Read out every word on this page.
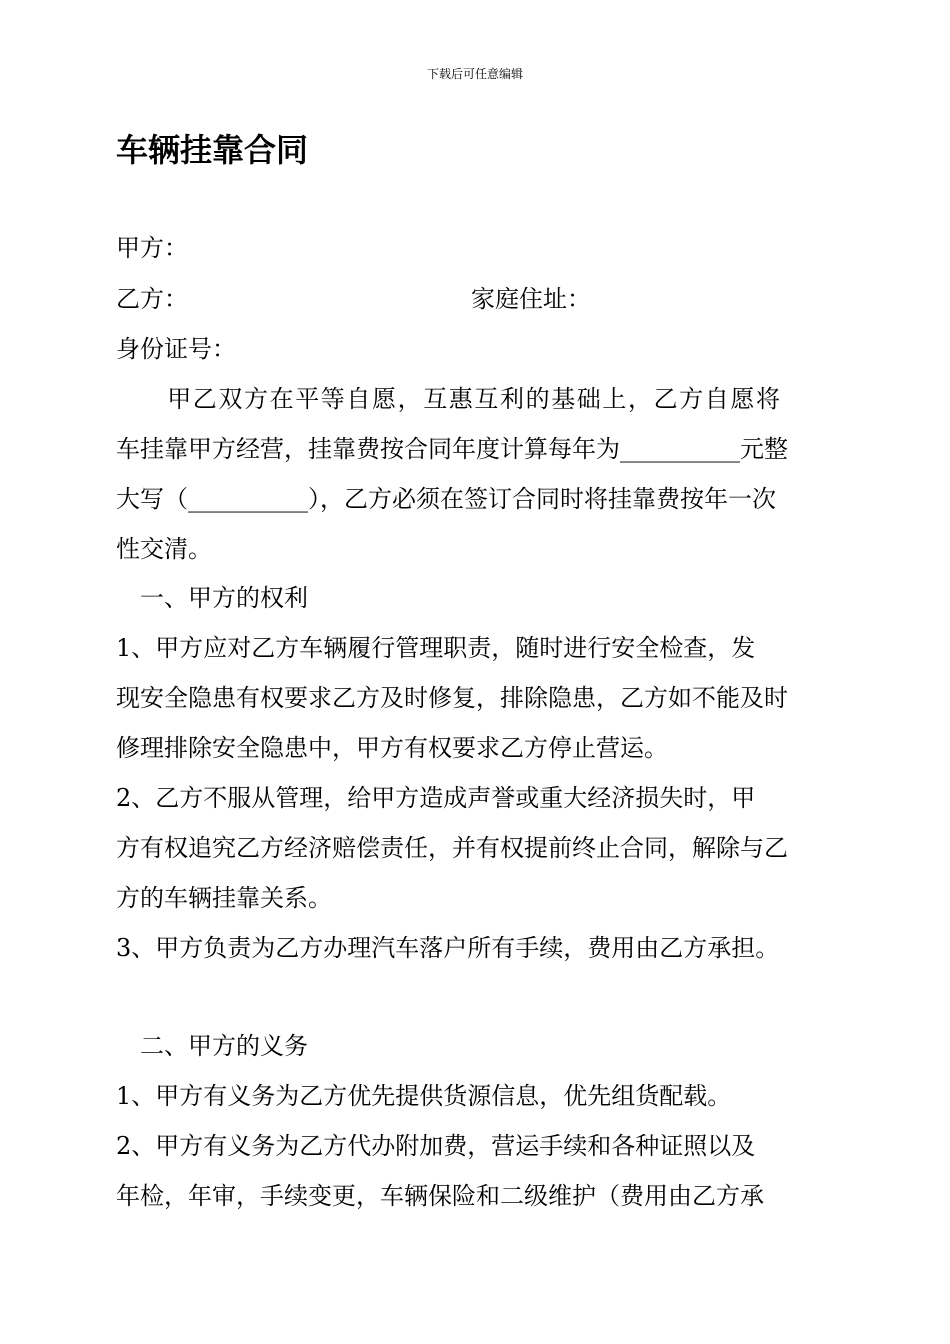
下载后可任意编辑
车辆挂靠合同
甲方：
乙方：	家庭住址：
身份证号：
　　甲乙双方在平等自愿，互惠互利的基础上，乙方自愿将
车挂靠甲方经营，挂靠费按合同年度计算每年为__________元整
大写（__________），乙方必须在签订合同时将挂靠费按年一次
性交清。
　一、甲方的权利
1、甲方应对乙方车辆履行管理职责，随时进行安全检查，发
现安全隐患有权要求乙方及时修复，排除隐患，乙方如不能及时
修理排除安全隐患中，甲方有权要求乙方停止营运。
2、乙方不服从管理，给甲方造成声誉或重大经济损失时，甲
方有权追究乙方经济赔偿责任，并有权提前终止合同，解除与乙
方的车辆挂靠关系。
3、甲方负责为乙方办理汽车落户所有手续，费用由乙方承担。
　二、甲方的义务
1、甲方有义务为乙方优先提供货源信息，优先组货配载。
2、甲方有义务为乙方代办附加费，营运手续和各种证照以及
年检，年审，手续变更，车辆保险和二级维护（费用由乙方承
